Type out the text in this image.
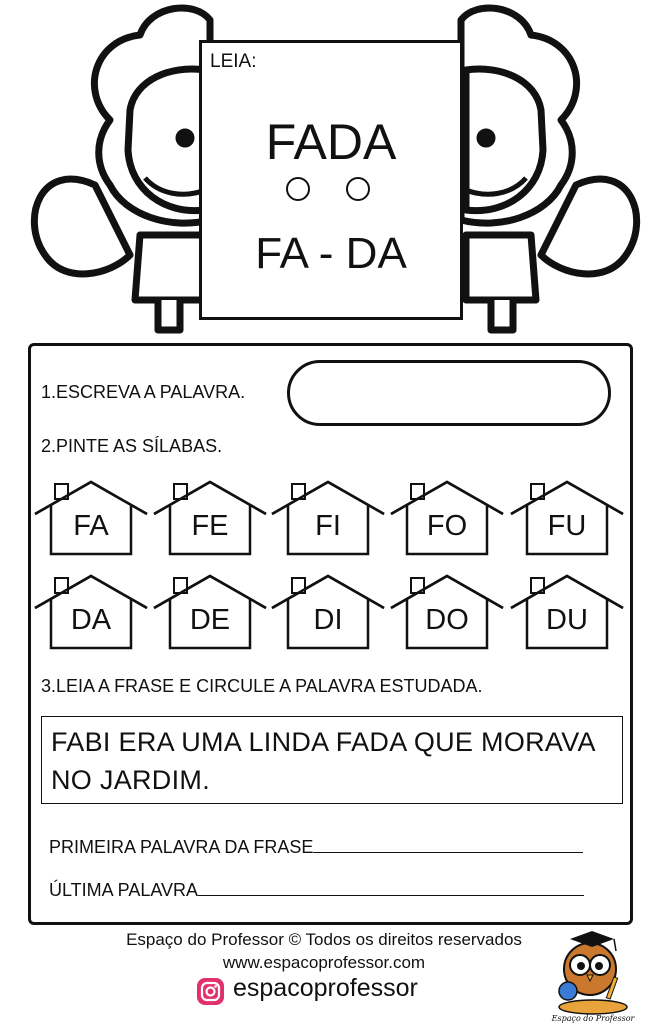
LEIA:
FADA
FA - DA
1.ESCREVA A PALAVRA.
2.PINTE AS SÍLABAS.
3.LEIA A FRASE E CIRCULE A PALAVRA ESTUDADA.
FABI ERA UMA LINDA FADA QUE MORAVA NO JARDIM.
PRIMEIRA PALAVRA DA FRASE
ÚLTIMA PALAVRA
FA	FE	FI	FO	FU
DA	DE	DI	DO	DU
Espaço do Professor © Todos os direitos reservados
www.espacoprofessor.com
espacoprofessor
Espaço do Professor
